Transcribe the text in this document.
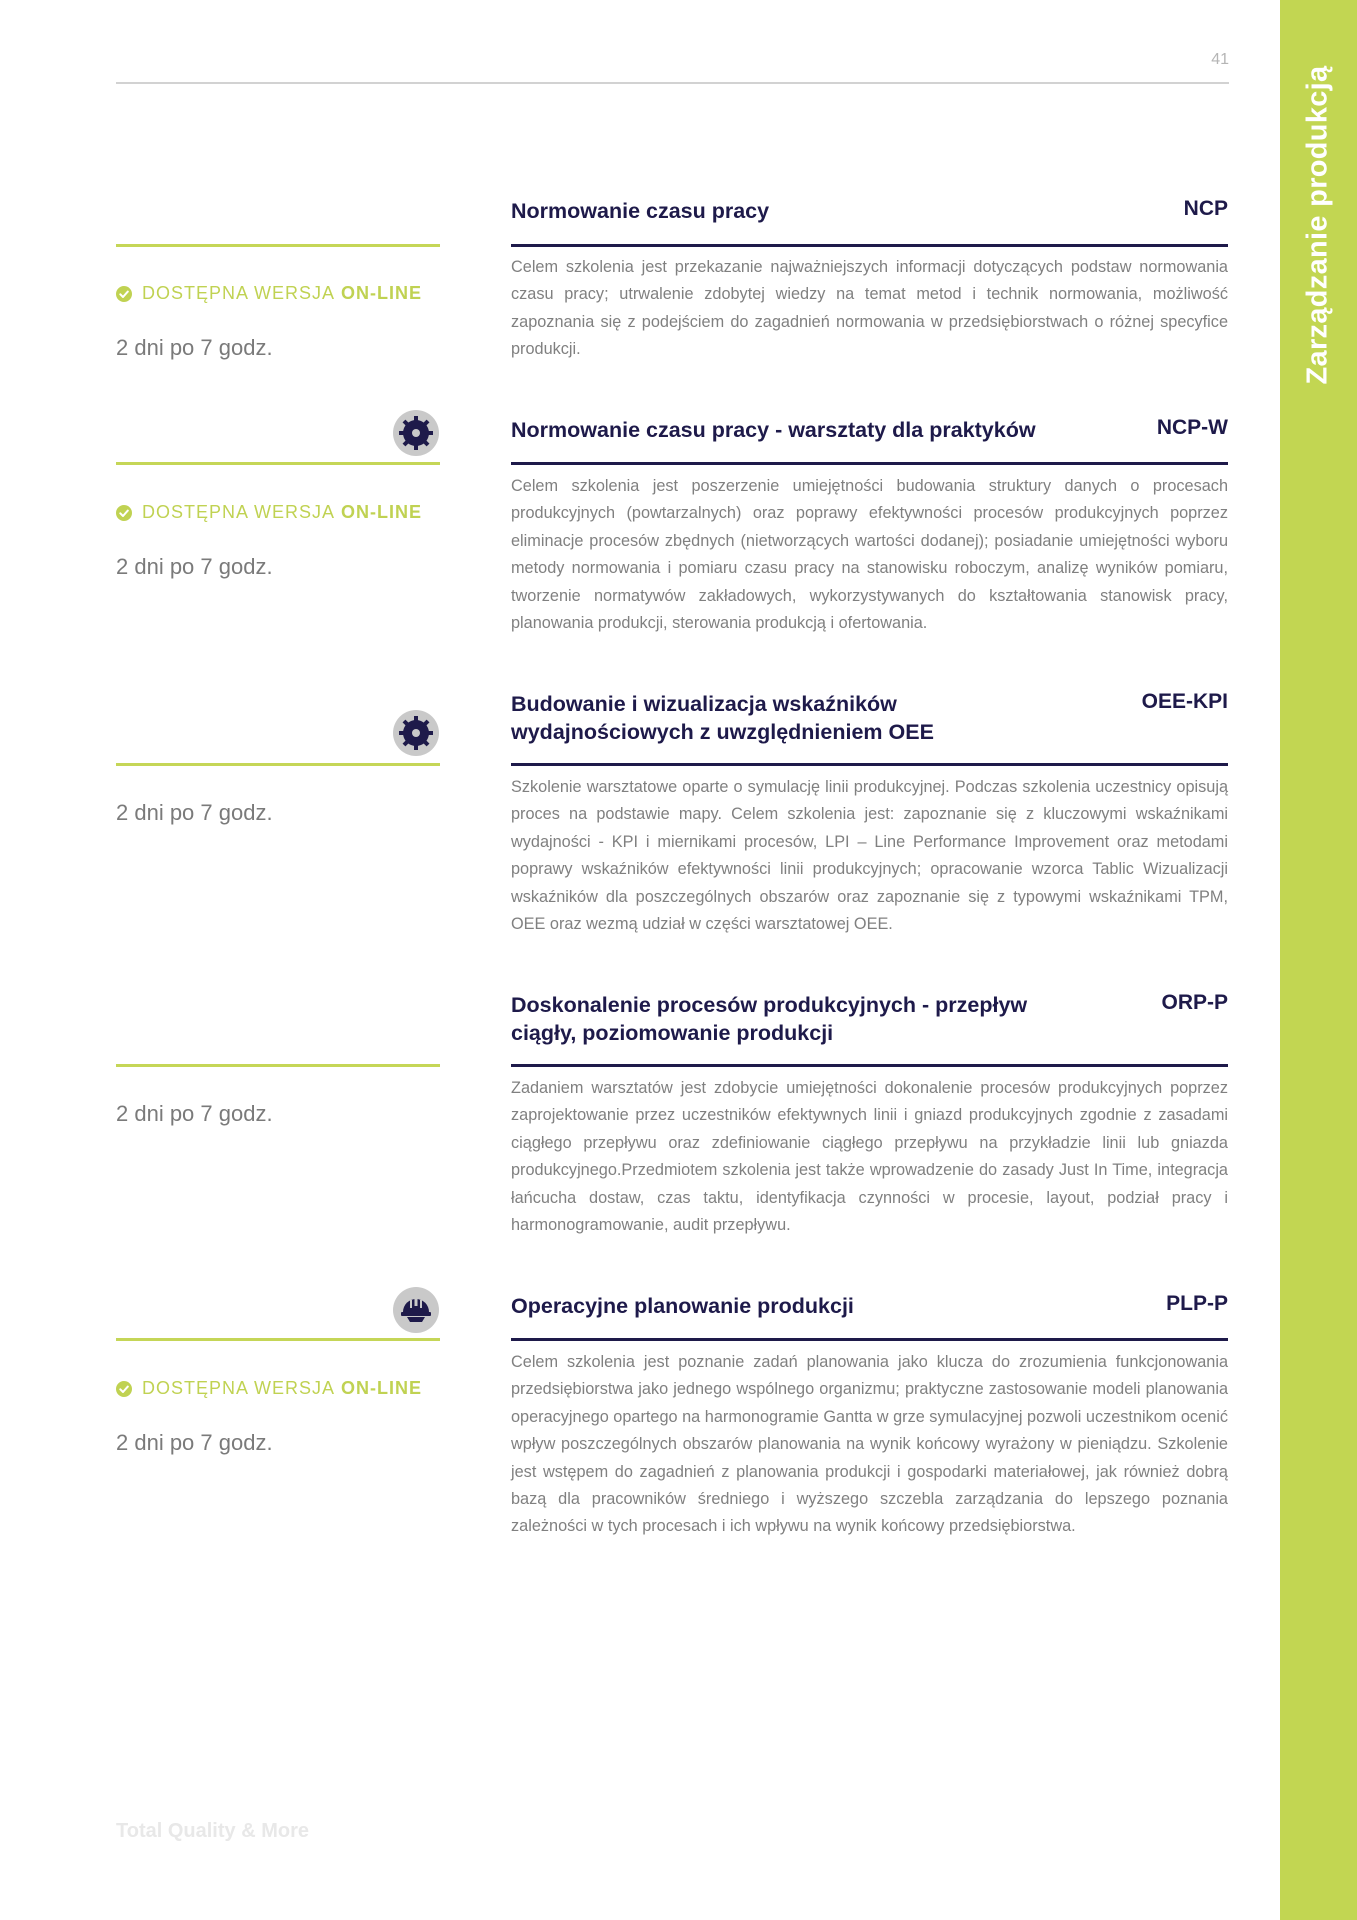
41
Zarządzanie produkcją
Normowanie czasu pracy	NCP
DOSTĘPNA WERSJA ON-LINE
2 dni po 7 godz.
Celem szkolenia jest przekazanie najważniejszych informacji dotyczących podstaw normowania czasu pracy; utrwalenie zdobytej wiedzy na temat metod i technik normowania, możliwość zapoznania się z podejściem do zagadnień normowania w przedsiębiorstwach o różnej specyfice produkcji.
Normowanie czasu pracy - warsztaty dla praktyków	NCP-W
DOSTĘPNA WERSJA ON-LINE
2 dni po 7 godz.
Celem szkolenia jest poszerzenie umiejętności budowania struktury danych o procesach produkcyjnych (powtarzalnych) oraz poprawy efektywności procesów produkcyjnych poprzez eliminacje procesów zbędnych (nietworzących wartości dodanej); posiadanie umiejętności wyboru metody normowania i pomiaru czasu pracy na stanowisku roboczym, analizę wyników pomiaru, tworzenie normatywów zakładowych, wykorzystywanych do kształtowania stanowisk pracy, planowania produkcji, sterowania produkcją i ofertowania.
Budowanie i wizualizacja wskaźników wydajnościowych z uwzględnieniem OEE
OEE-KPI
2 dni po 7 godz.
Szkolenie warsztatowe oparte o symulację linii produkcyjnej. Podczas szkolenia uczestnicy opisują proces na podstawie mapy. Celem szkolenia jest: zapoznanie się z kluczowymi wskaźnikami wydajności - KPI i miernikami procesów, LPI – Line Performance Improvement oraz metodami poprawy wskaźników efektywności linii produkcyjnych; opracowanie wzorca Tablic Wizualizacji wskaźników dla poszczególnych obszarów oraz zapoznanie się z typowymi wskaźnikami TPM, OEE oraz wezmą udział w części warsztatowej OEE.
Doskonalenie procesów produkcyjnych - przepływ ciągły, poziomowanie produkcji
ORP-P
2 dni po 7 godz.
Zadaniem warsztatów jest zdobycie umiejętności dokonalenie procesów produkcyjnych poprzez zaprojektowanie przez uczestników efektywnych linii i gniazd produkcyjnych zgodnie z zasadami ciągłego przepływu oraz zdefiniowanie ciągłego przepływu na przykładzie linii lub gniazda produkcyjnego.Przedmiotem szkolenia jest także wprowadzenie do zasady Just In Time, integracja łańcucha dostaw, czas taktu, identyfikacja czynności w procesie, layout, podział pracy i harmonogramowanie, audit przepływu.
Operacyjne planowanie produkcji	PLP-P
DOSTĘPNA WERSJA ON-LINE
2 dni po 7 godz.
Celem szkolenia jest poznanie zadań planowania jako klucza do zrozumienia funkcjonowania przedsiębiorstwa jako jednego wspólnego organizmu; praktyczne zastosowanie modeli planowania operacyjnego opartego na harmonogramie Gantta w grze symulacyjnej pozwoli uczestnikom ocenić wpływ poszczególnych obszarów planowania na wynik końcowy wyrażony w pieniądzu. Szkolenie jest wstępem do zagadnień z planowania produkcji i gospodarki materiałowej, jak również dobrą bazą dla pracowników średniego i wyższego szczebla zarządzania do lepszego poznania zależności w tych procesach i ich wpływu na wynik końcowy przedsiębiorstwa.
Total Quality & More
